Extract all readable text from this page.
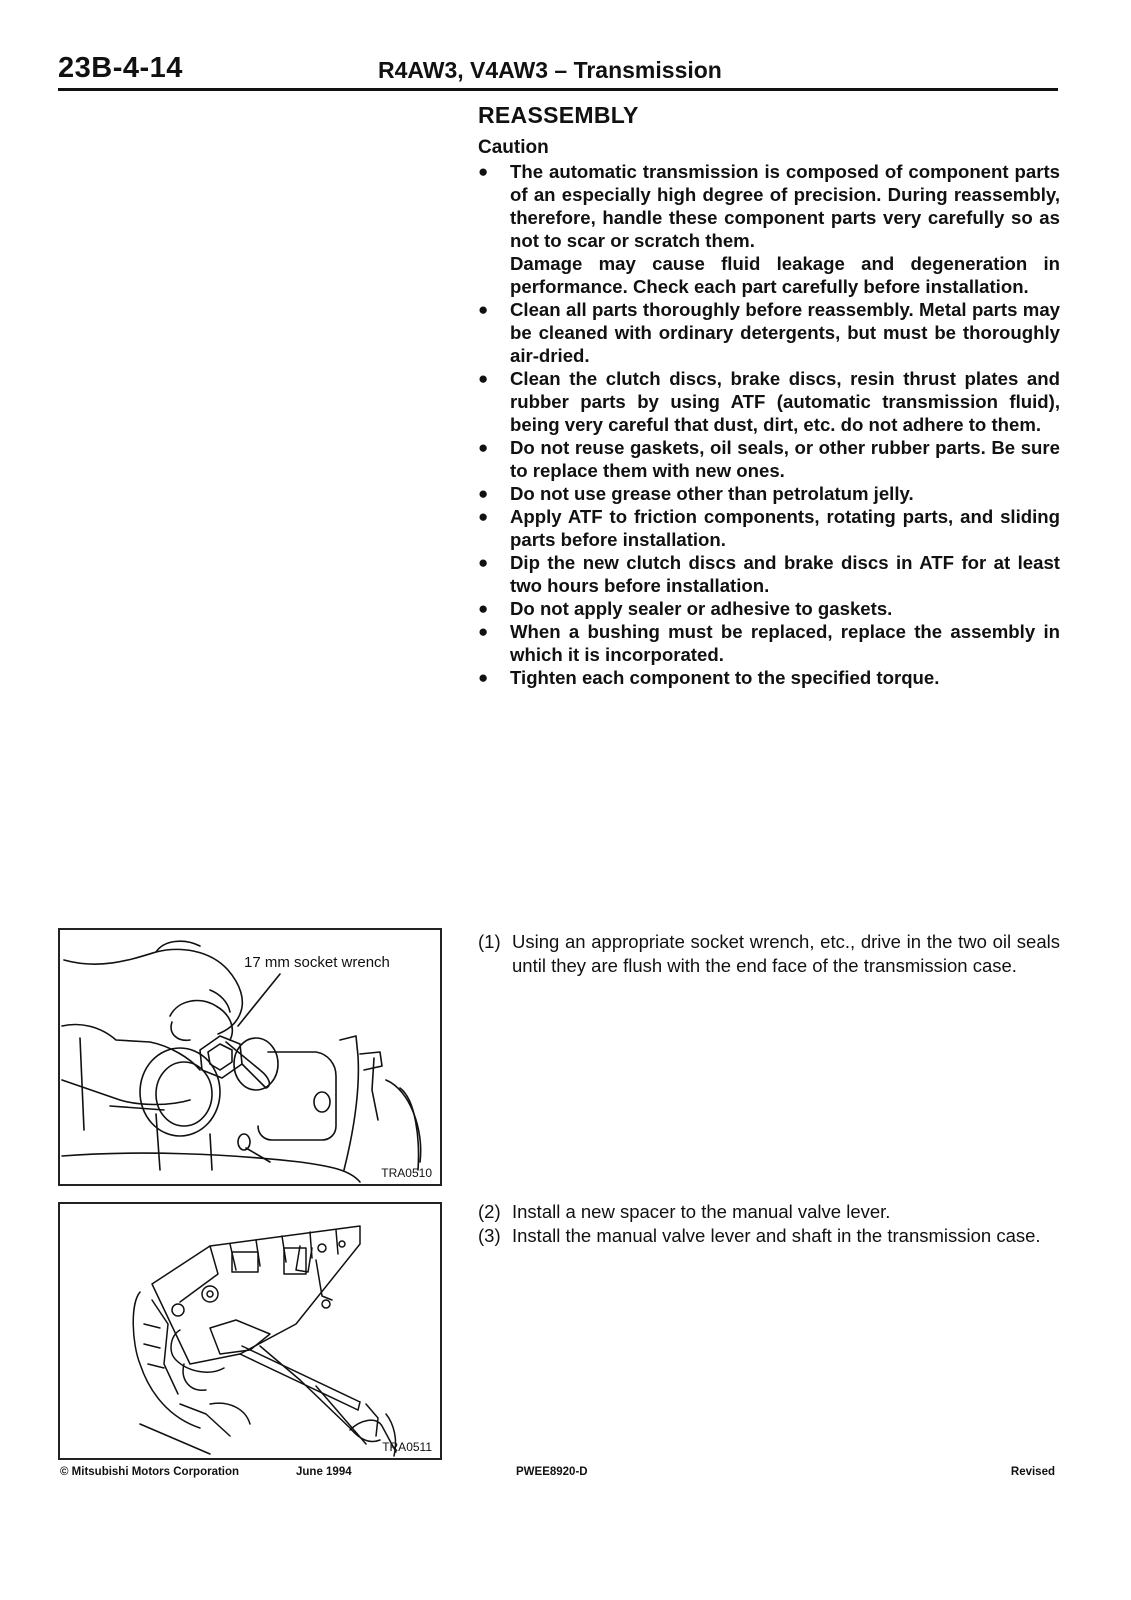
23B-4-14	R4AW3, V4AW3 – Transmission
REASSEMBLY
Caution
● The automatic transmission is composed of component parts of an especially high degree of precision. During reassembly, therefore, handle these component parts very carefully so as not to scar or scratch them.
Damage may cause fluid leakage and degeneration in performance. Check each part carefully before installation.
● Clean all parts thoroughly before reassembly. Metal parts may be cleaned with ordinary detergents, but must be thoroughly air-dried.
● Clean the clutch discs, brake discs, resin thrust plates and rubber parts by using ATF (automatic transmission fluid), being very careful that dust, dirt, etc. do not adhere to them.
● Do not reuse gaskets, oil seals, or other rubber parts. Be sure to replace them with new ones.
● Do not use grease other than petrolatum jelly.
● Apply ATF to friction components, rotating parts, and sliding parts before installation.
● Dip the new clutch discs and brake discs in ATF for at least two hours before installation.
● Do not apply sealer or adhesive to gaskets.
● When a bushing must be replaced, replace the assembly in which it is incorporated.
● Tighten each component to the specified torque.
17 mm socket wrench
TRA0510
TRA0511
(1) Using an appropriate socket wrench, etc., drive in the two oil seals until they are flush with the end face of the transmission case.
(2) Install a new spacer to the manual valve lever.
(3) Install the manual valve lever and shaft in the transmission case.
© Mitsubishi Motors Corporation	June 1994	PWEE8920-D	Revised
